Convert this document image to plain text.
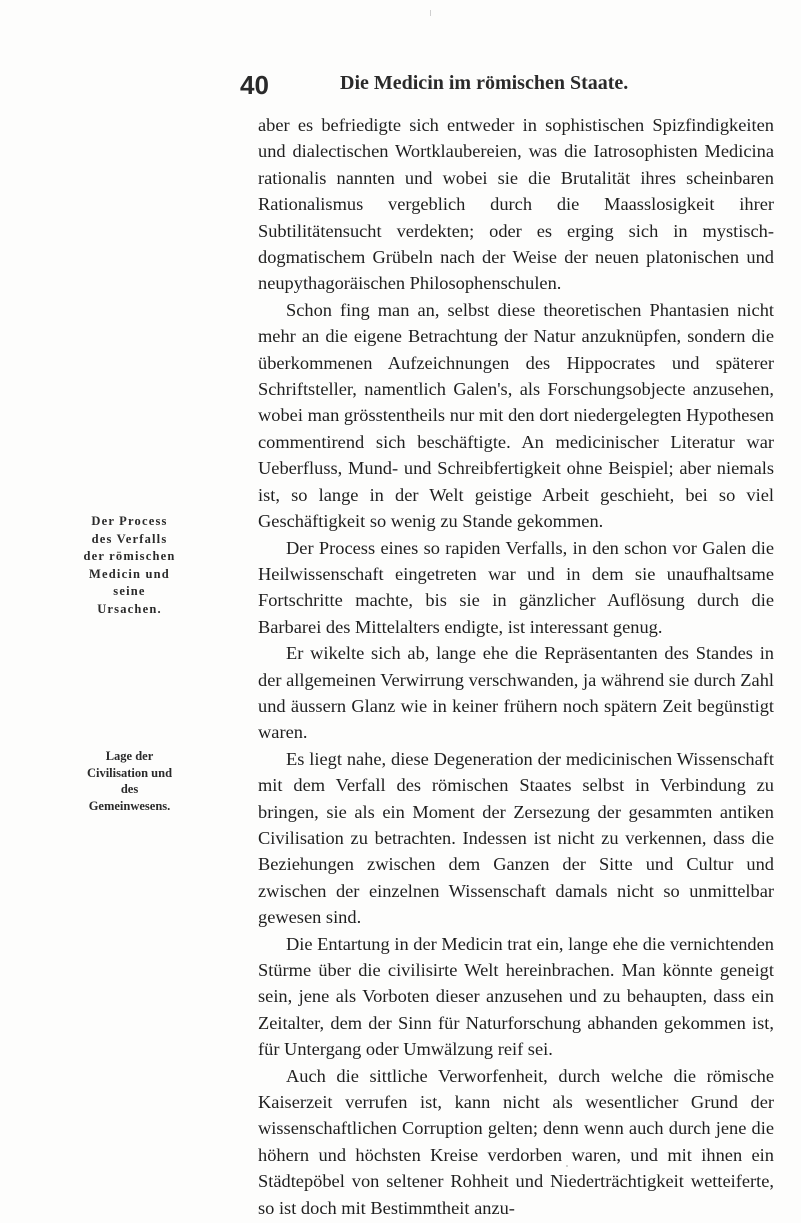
40	Die Medicin im römischen Staate.

Der Process des Verfalls der römischen Medicin und seine Ursachen.

Lage der Civilisation und des Gemeinwesens.

aber es befriedigte sich entweder in sophistischen Spizfindigkeiten und dialectischen Wortklaubereien, was die Iatrosophisten Medicina rationalis nannten und wobei sie die Brutalität ihres scheinbaren Rationalismus vergeblich durch die Maasslosigkeit ihrer Subtilitätensucht verdekten; oder es erging sich in mystisch-dogmatischem Grübeln nach der Weise der neuen platonischen und neupythagoräischen Philosophenschulen.

Schon fing man an, selbst diese theoretischen Phantasien nicht mehr an die eigene Betrachtung der Natur anzuknüpfen, sondern die überkommenen Aufzeichnungen des Hippocrates und späterer Schriftsteller, namentlich Galen's, als Forschungsobjecte anzusehen, wobei man grösstentheils nur mit den dort niedergelegten Hypothesen commentirend sich beschäftigte. An medicinischer Literatur war Ueberfluss, Mund- und Schreibfertigkeit ohne Beispiel; aber niemals ist, so lange in der Welt geistige Arbeit geschieht, bei so viel Geschäftigkeit so wenig zu Stande gekommen.

Der Process eines so rapiden Verfalls, in den schon vor Galen die Heilwissenschaft eingetreten war und in dem sie unaufhaltsame Fortschritte machte, bis sie in gänzlicher Auflösung durch die Barbarei des Mittelalters endigte, ist interessant genug.

Er wikelte sich ab, lange ehe die Repräsentanten des Standes in der allgemeinen Verwirrung verschwanden, ja während sie durch Zahl und äussern Glanz wie in keiner frühern noch spätern Zeit begünstigt waren.

Es liegt nahe, diese Degeneration der medicinischen Wissenschaft mit dem Verfall des römischen Staates selbst in Verbindung zu bringen, sie als ein Moment der Zersezung der gesammten antiken Civilisation zu betrachten. Indessen ist nicht zu verkennen, dass die Beziehungen zwischen dem Ganzen der Sitte und Cultur und zwischen der einzelnen Wissenschaft damals nicht so unmittelbar gewesen sind.

Die Entartung in der Medicin trat ein, lange ehe die vernichtenden Stürme über die civilisirte Welt hereinbrachen. Man könnte geneigt sein, jene als Vorboten dieser anzusehen und zu behaupten, dass ein Zeitalter, dem der Sinn für Naturforschung abhanden gekommen ist, für Untergang oder Umwälzung reif sei.

Auch die sittliche Verworfenheit, durch welche die römische Kaiserzeit verrufen ist, kann nicht als wesentlicher Grund der wissenschaftlichen Corruption gelten; denn wenn auch durch jene die höhern und höchsten Kreise verdorben waren, und mit ihnen ein Städtepöbel von seltener Rohheit und Niederträchtigkeit wetteiferte, so ist doch mit Bestimmtheit anzu-
